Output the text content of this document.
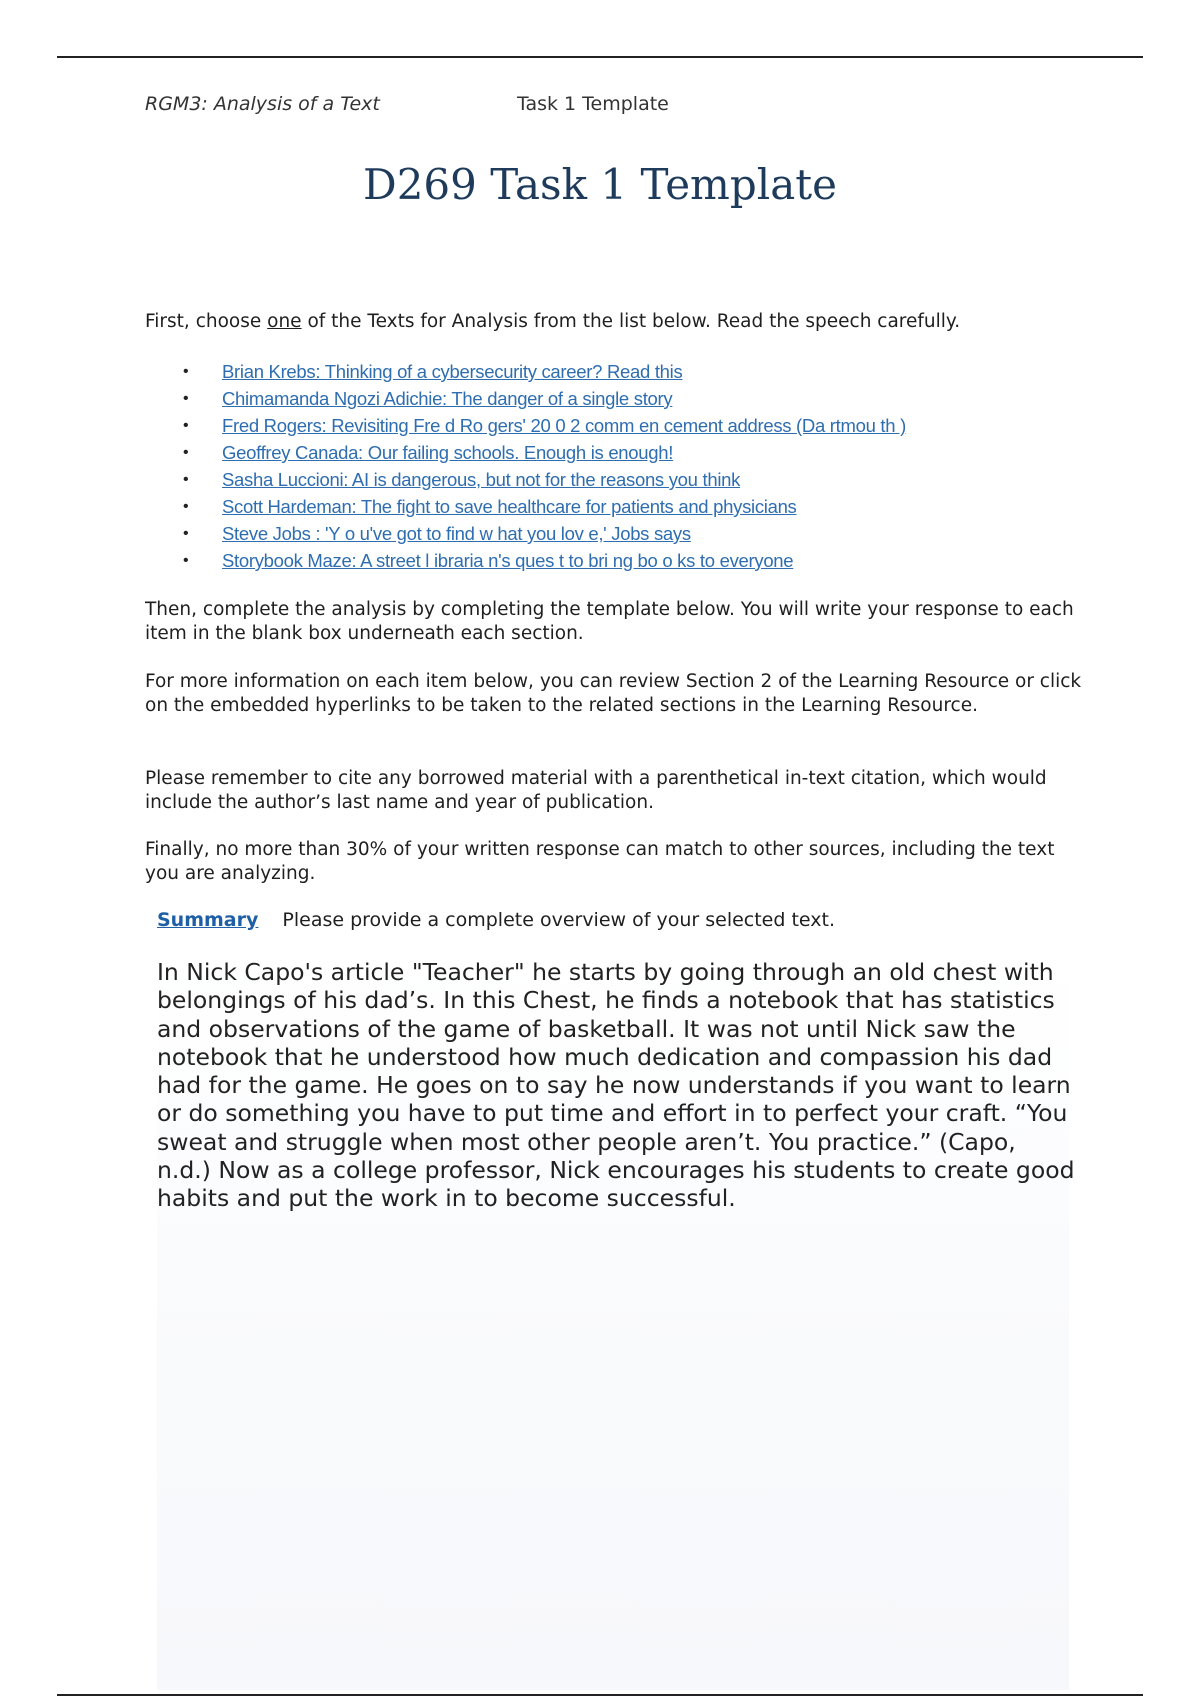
RGM3: Analysis of a Text	Task 1 Template
D269 Task 1 Template
First, choose one of the Texts for Analysis from the list below. Read the speech carefully.
• Brian Krebs: Thinking of a cybersecurity career? Read this
• Chimamanda Ngozi Adichie: The danger of a single story
• Fred Rogers: Revisiting Fre d Ro gers' 20 0 2 comm en cement address (Da rtmou th )
• Geoffrey Canada: Our failing schools. Enough is enough!
• Sasha Luccioni: AI is dangerous, but not for the reasons you think
• Scott Hardeman: The fight to save healthcare for patients and physicians
• Steve Jobs : 'Y o u've got to find w hat you lov e,' Jobs says
• Storybook Maze: A street l ibraria n's ques t to bri ng bo o ks to everyone

Then, complete the analysis by completing the template below. You will write your response to each item in the blank box underneath each section.

For more information on each item below, you can review Section 2 of the Learning Resource or click on the embedded hyperlinks to be taken to the related sections in the Learning Resource.

Please remember to cite any borrowed material with a parenthetical in-text citation, which would include the author’s last name and year of publication.

Finally, no more than 30% of your written response can match to other sources, including the text you are analyzing.

Summary Please provide a complete overview of your selected text.
In Nick Capo's article "Teacher" he starts by going through an old chest with belongings of his dad’s. In this Chest, he finds a notebook that has statistics and observations of the game of basketball. It was not until Nick saw the notebook that he understood how much dedication and compassion his dad had for the game. He goes on to say he now understands if you want to learn or do something you have to put time and effort in to perfect your craft. “You sweat and struggle when most other people aren’t. You practice.” (Capo, n.d.) Now as a college professor, Nick encourages his students to create good habits and put the work in to become successful.
